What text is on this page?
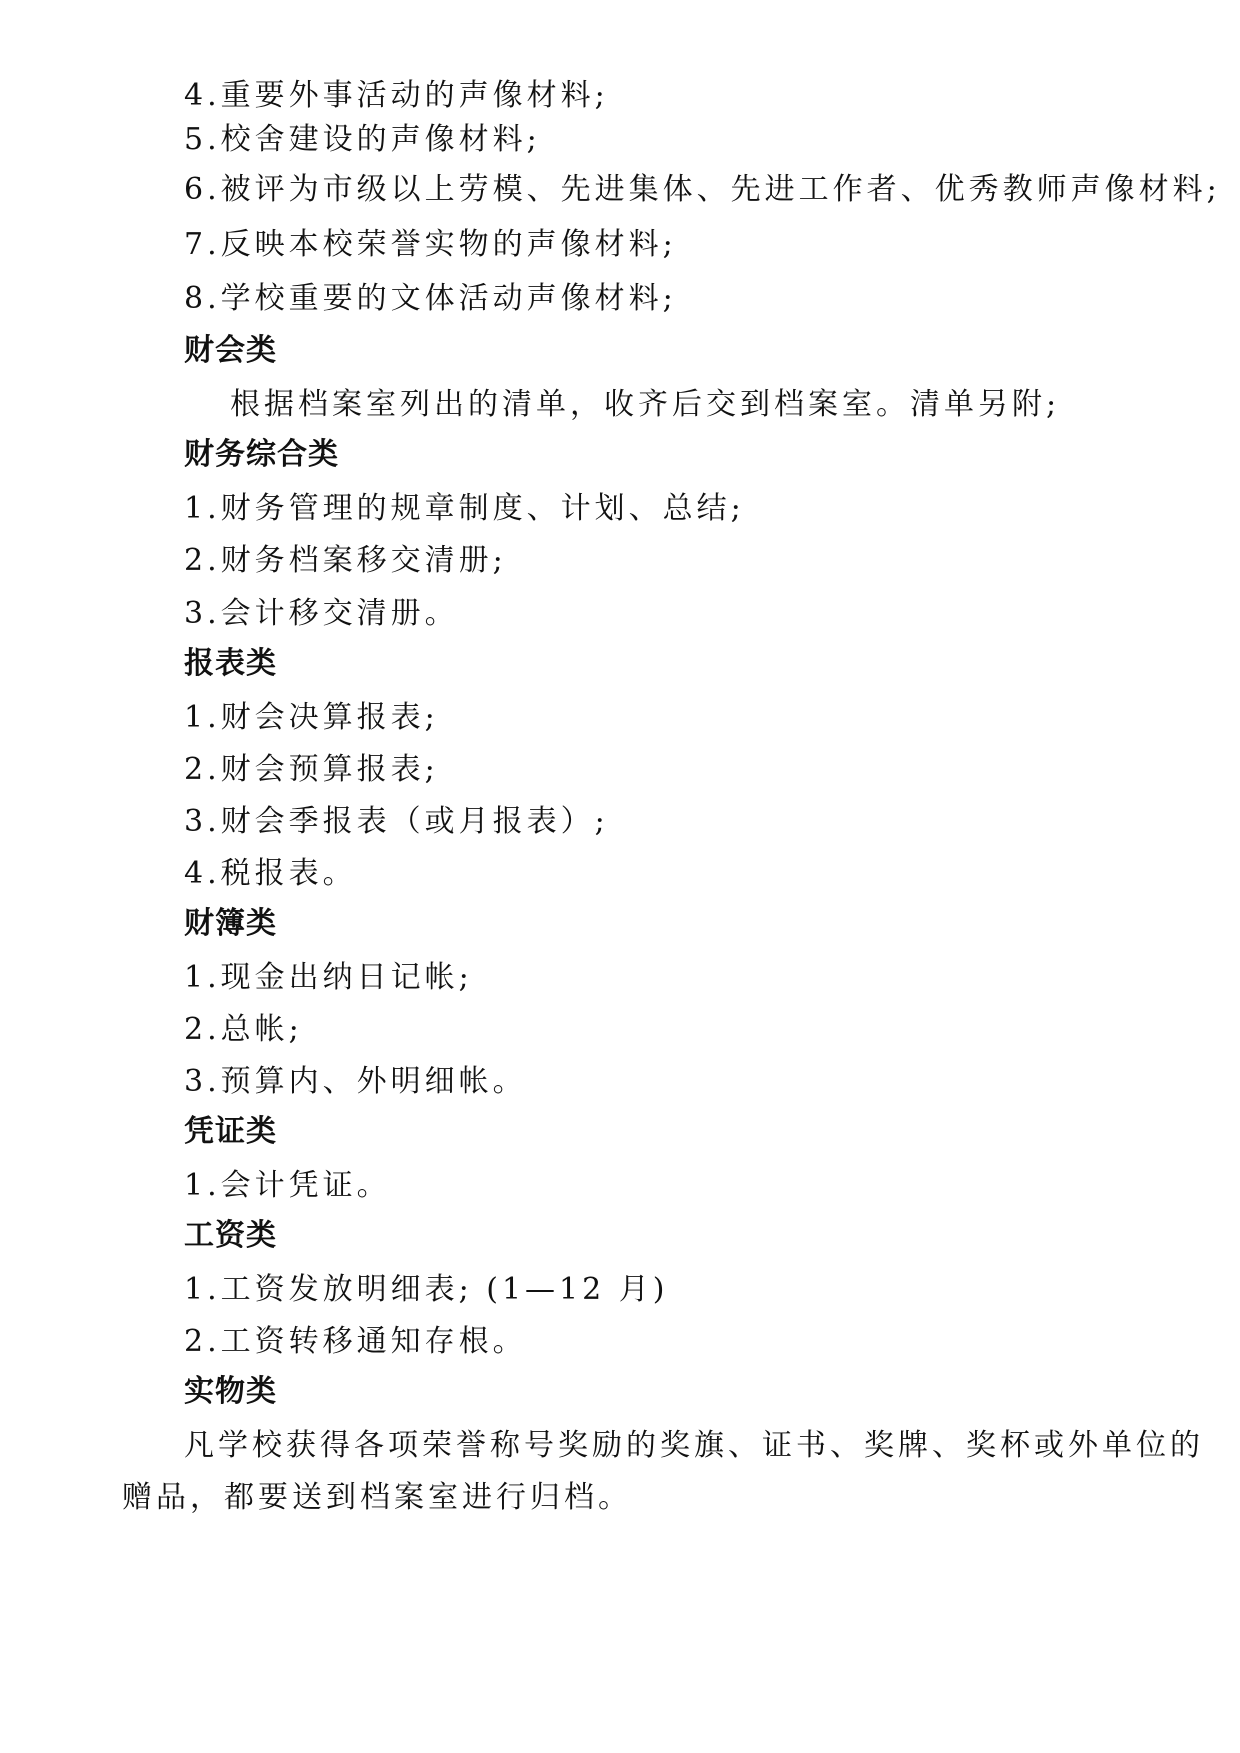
4.重要外事活动的声像材料;
5.校舍建设的声像材料;
6.被评为市级以上劳模、先进集体、先进工作者、优秀教师声像材料;
7.反映本校荣誉实物的声像材料;
8.学校重要的文体活动声像材料;
财会类
根据档案室列出的清单，收齐后交到档案室。清单另附;
财务综合类
1.财务管理的规章制度、计划、总结;
2.财务档案移交清册;
3.会计移交清册。
报表类
1.财会决算报表;
2.财会预算报表;
3.财会季报表（或月报表）;
4.税报表。
财簿类
1.现金出纳日记帐;
2.总帐;
3.预算内、外明细帐。
凭证类
1.会计凭证。
工资类
1.工资发放明细表; (1—12 月)
2.工资转移通知存根。
实物类
凡学校获得各项荣誉称号奖励的奖旗、证书、奖牌、奖杯或外单位的
赠品，都要送到档案室进行归档。
